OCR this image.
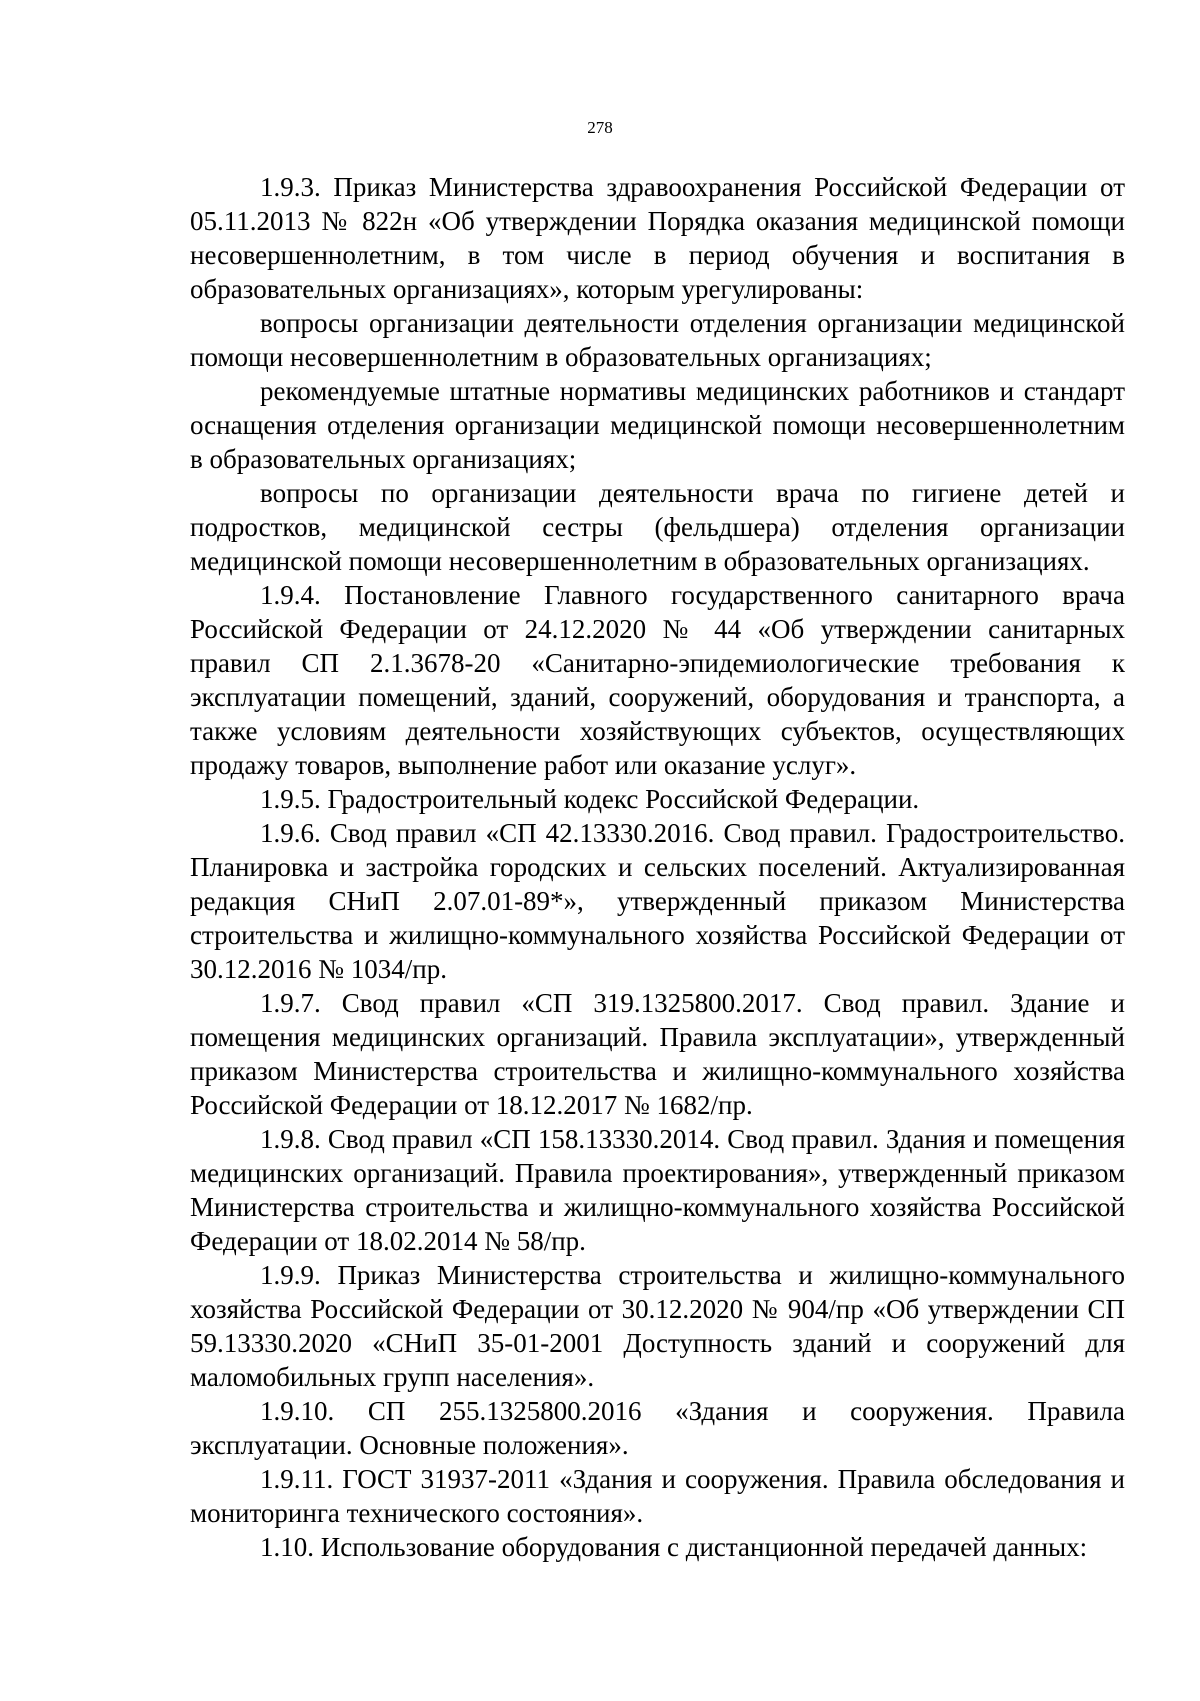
278

1.9.3. Приказ Министерства здравоохранения Российской Федерации от 05.11.2013 № 822н «Об утверждении Порядка оказания медицинской помощи несовершеннолетним, в том числе в период обучения и воспитания в образовательных организациях», которым урегулированы:

вопросы организации деятельности отделения организации медицинской помощи несовершеннолетним в образовательных организациях;

рекомендуемые штатные нормативы медицинских работников и стандарт оснащения отделения организации медицинской помощи несовершеннолетним в образовательных организациях;

вопросы по организации деятельности врача по гигиене детей и подростков, медицинской сестры (фельдшера) отделения организации медицинской помощи несовершеннолетним в образовательных организациях.

1.9.4. Постановление Главного государственного санитарного врача Российской Федерации от 24.12.2020 № 44 «Об утверждении санитарных правил СП 2.1.3678-20 «Санитарно-эпидемиологические требования к эксплуатации помещений, зданий, сооружений, оборудования и транспорта, а также условиям деятельности хозяйствующих субъектов, осуществляющих продажу товаров, выполнение работ или оказание услуг».

1.9.5. Градостроительный кодекс Российской Федерации.

1.9.6. Свод правил «СП 42.13330.2016. Свод правил. Градостроительство. Планировка и застройка городских и сельских поселений. Актуализированная редакция СНиП 2.07.01-89*», утвержденный приказом Министерства строительства и жилищно-коммунального хозяйства Российской Федерации от 30.12.2016 № 1034/пр.

1.9.7. Свод правил «СП 319.1325800.2017. Свод правил. Здание и помещения медицинских организаций. Правила эксплуатации», утвержденный приказом Министерства строительства и жилищно-коммунального хозяйства Российской Федерации от 18.12.2017 № 1682/пр.

1.9.8. Свод правил «СП 158.13330.2014. Свод правил. Здания и помещения медицинских организаций. Правила проектирования», утвержденный приказом Министерства строительства и жилищно-коммунального хозяйства Российской Федерации от 18.02.2014 № 58/пр.

1.9.9. Приказ Министерства строительства и жилищно-коммунального хозяйства Российской Федерации от 30.12.2020 № 904/пр «Об утверждении СП 59.13330.2020 «СНиП 35-01-2001 Доступность зданий и сооружений для маломобильных групп населения».

1.9.10. СП 255.1325800.2016 «Здания и сооружения. Правила эксплуатации. Основные положения».

1.9.11. ГОСТ 31937-2011 «Здания и сооружения. Правила обследования и мониторинга технического состояния».

1.10. Использование оборудования с дистанционной передачей данных:
